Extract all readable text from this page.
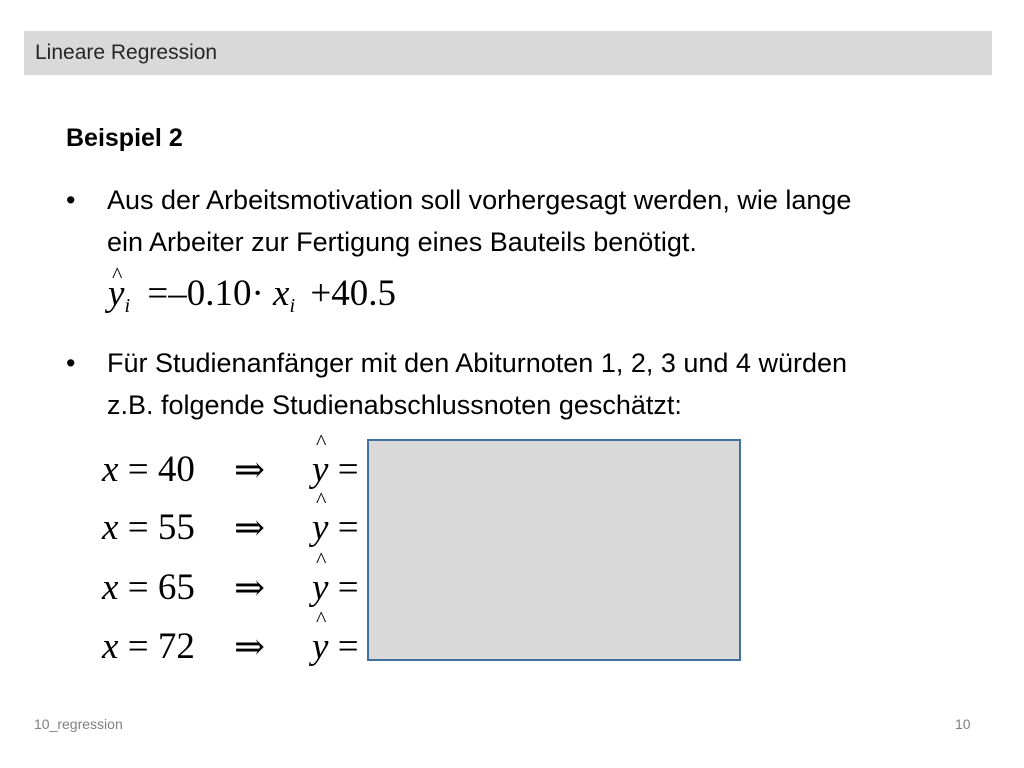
Lineare Regression
Beispiel 2
• Aus der Arbeitsmotivation soll vorhergesagt werden, wie lange
ein Arbeiter zur Fertigung eines Bauteils benötigt.
^ $y_i =-0.10\cdot x_i +40.5$
• Für Studienanfänger mit den Abiturnoten 1, 2, 3 und 4 würden
z.B. folgende Studienabschlussnoten geschätzt:
x = 40 ⇒ ^ y =
x = 55 ⇒ ^ y =
x = 65 ⇒ ^ y =
x = 72 ⇒ ^ y =
10_regression	10
